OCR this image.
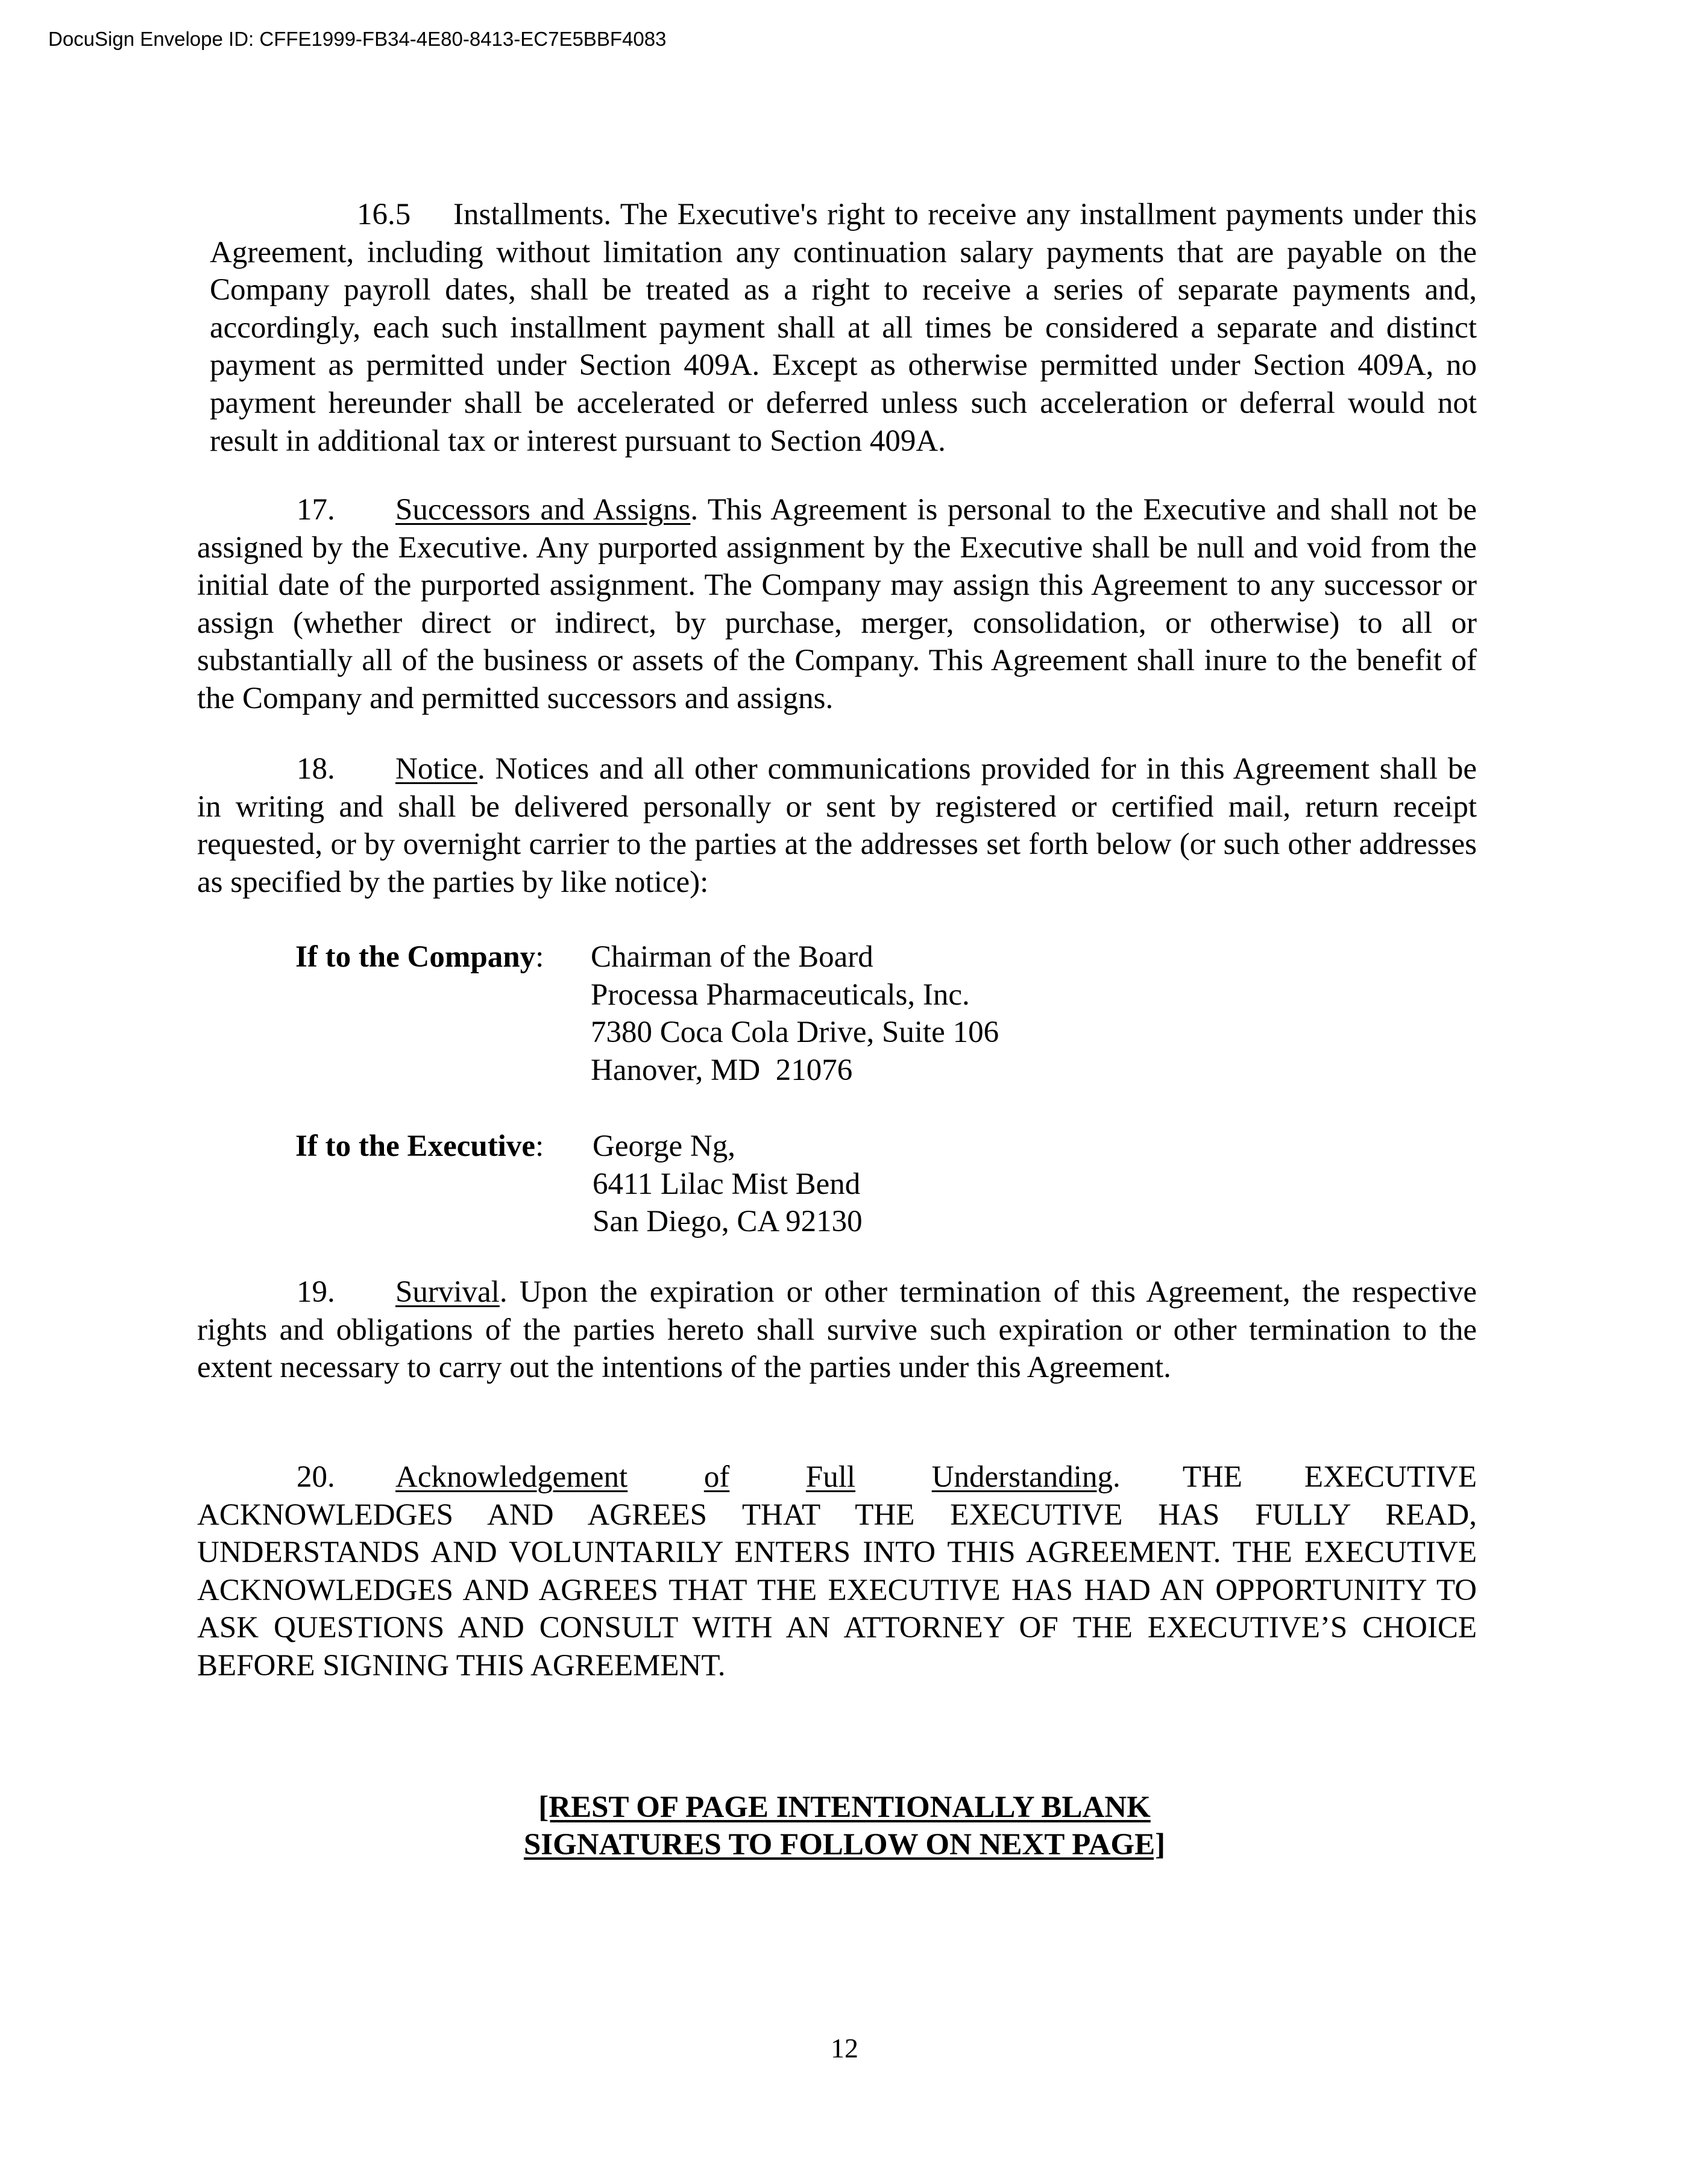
DocuSign Envelope ID: CFFE1999-FB34-4E80-8413-EC7E5BBF4083
16.5 Installments. The Executive's right to receive any installment payments under this Agreement, including without limitation any continuation salary payments that are payable on the Company payroll dates, shall be treated as a right to receive a series of separate payments and, accordingly, each such installment payment shall at all times be considered a separate and distinct payment as permitted under Section 409A. Except as otherwise permitted under Section 409A, no payment hereunder shall be accelerated or deferred unless such acceleration or deferral would not result in additional tax or interest pursuant to Section 409A.
17. Successors and Assigns. This Agreement is personal to the Executive and shall not be assigned by the Executive. Any purported assignment by the Executive shall be null and void from the initial date of the purported assignment. The Company may assign this Agreement to any successor or assign (whether direct or indirect, by purchase, merger, consolidation, or otherwise) to all or substantially all of the business or assets of the Company. This Agreement shall inure to the benefit of the Company and permitted successors and assigns.
18. Notice. Notices and all other communications provided for in this Agreement shall be in writing and shall be delivered personally or sent by registered or certified mail, return receipt requested, or by overnight carrier to the parties at the addresses set forth below (or such other addresses as specified by the parties by like notice):
If to the Company: Chairman of the Board
Processa Pharmaceuticals, Inc.
7380 Coca Cola Drive, Suite 106
Hanover, MD  21076
If to the Executive: George Ng,
6411 Lilac Mist Bend
San Diego, CA 92130
19. Survival. Upon the expiration or other termination of this Agreement, the respective rights and obligations of the parties hereto shall survive such expiration or other termination to the extent necessary to carry out the intentions of the parties under this Agreement.
20.	Acknowledgement of Full Understanding . THE EXECUTIVE
ACKNOWLEDGES AND AGREES THAT THE EXECUTIVE HAS FULLY READ, UNDERSTANDS AND VOLUNTARILY ENTERS INTO THIS AGREEMENT. THE EXECUTIVE ACKNOWLEDGES AND AGREES THAT THE EXECUTIVE HAS HAD AN OPPORTUNITY TO ASK QUESTIONS AND CONSULT WITH AN ATTORNEY OF THE EXECUTIVE’S CHOICE BEFORE SIGNING THIS AGREEMENT.
[REST OF PAGE INTENTIONALLY BLANK
SIGNATURES TO FOLLOW ON NEXT PAGE]
12
